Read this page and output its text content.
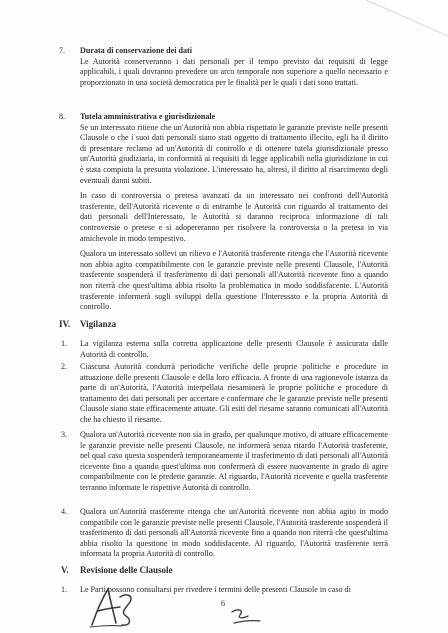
7. Durata di conservazione dei dati
Le Autorità conserveranno i dati personali per il tempo previsto dai requisiti di legge applicabili, i quali dovranno prevedere un arco temporale non superiore a quello necessario e proporzionato in una società democratica per le finalità per le quali i dati sono trattati.
8. Tutela amministrativa e giurisdizionale
Se un interessato ritiene che un'Autorità non abbia rispettato le garanzie previste nelle presenti Clausole o che i suoi dati personali siano stati oggetto di trattamento illecito, egli ha il diritto di presentare reclamo ad un'Autorità di controllo e di ottenere tutela giurisdizionale presso un'Autorità giudiziaria, in conformità ai requisiti di legge applicabili nella giurisdizione in cui è stata compiuta la presunta violazione. L'interessato ha, altresì, il diritto al risarcimento degli eventuali danni subiti.
In caso di controversia o pretesa avanzati da un interessato nei confronti dell'Autorità trasferente, dell'Autorità ricevente o di entrambe le Autorità con riguardo al trattamento dei dati personali dell'Interessato, le Autorità si daranno reciproca informazione di tali controversie o pretese e si adopereranno per risolvere la controversia o la pretesa in via amichevole in modo tempestivo.
Qualora un interessato sollevi un rilievo e l'Autorità trasferente ritenga che l'Autorità ricevente non abbia agito compatibilmente con le garanzie previste nelle presenti Clausole, l'Autorità trasferente sospenderà il trasferimento di dati personali all'Autorità ricevente fino a quando non riterrà che quest'ultima abbia risolto la problematica in modo soddisfacente. L'Autorità trasferente informerà sugli sviluppi della questione l'Interessato e la propria Autorità di controllo.
IV. Vigilanza
1. La vigilanza esterna sulla corretta applicazione delle presenti Clausole è assicurata dalle Autorità di controllo.
2. Ciascuna Autorità condurrà periodiche verifiche delle proprie politiche e procedure in attuazione delle presenti Clausole e della loro efficacia. A fronte di una ragionevole istanza da parte di un'Autorità, l'Autorità interpellata riesaminerà le proprie politiche e procedure di trattamento dei dati personali per accertare e confermare che le garanzie previste nelle presenti Clausole siano state efficacemente attuate. Gli esiti del riesame saranno comunicati all'Autorità che ha chiesto il riesame.
3. Qualora un'Autorità ricevente non sia in grado, per qualunque motivo, di attuare efficacemente le garanzie previste nelle presenti Clausole, ne informerà senza ritardo l'Autorità trasferente, nel qual caso questa sospenderà temporaneamente il trasferimento di dati personali all'Autorità ricevente fino a quando quest'ultima non confermerà di essere nuovamente in grado di agire compatibilmente con le predette garanzie. Al riguardo, l'Autorità ricevente e quella trasferente terranno informate le rispettive Autorità di controllo.
4. Qualora un'Autorità trasferente ritenga che un'Autorità ricevente non abbia agito in modo compatibile con le garanzie previste nelle presenti Clausole, l'Autorità trasferente sospenderà il trasferimento di dati personali all'Autorità ricevente fino a quando non riterrà che quest'ultima abbia risolto la questione in modo soddisfacente. Al riguardo, l'Autorità trasferente terrà informata la propria Autorità di controllo.
V. Revisione delle Clausole
1. Le Parti possono consultarsi per rivedere i termini delle presenti Clausole in caso di
6
